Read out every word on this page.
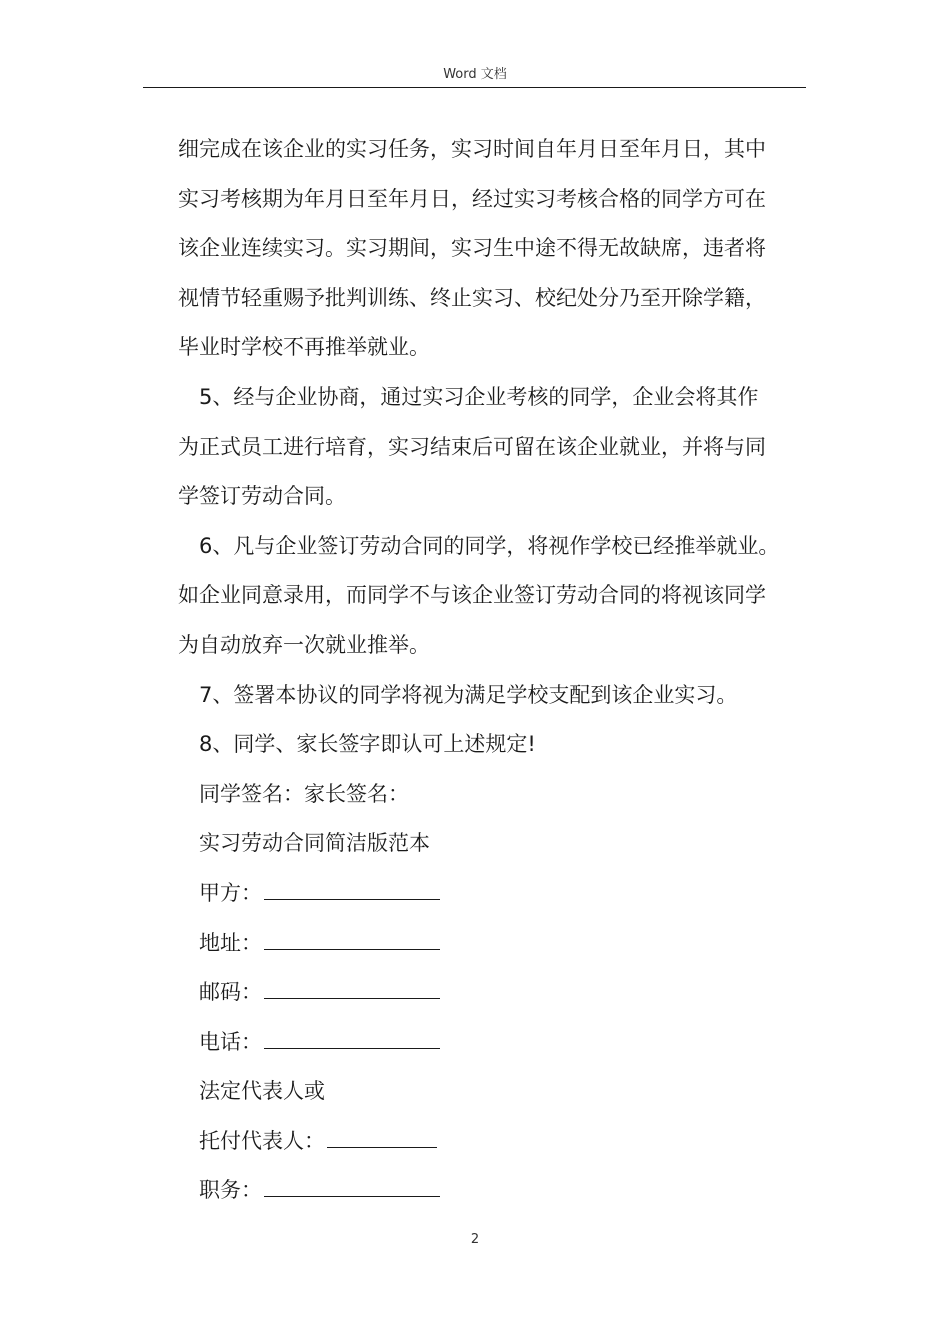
Word 文档

细完成在该企业的实习任务，实习时间自年月日至年月日，其中
实习考核期为年月日至年月日，经过实习考核合格的同学方可在
该企业连续实习。实习期间，实习生中途不得无故缺席，违者将
视情节轻重赐予批判训练、终止实习、校纪处分乃至开除学籍，
毕业时学校不再推举就业。

5、经与企业协商，通过实习企业考核的同学，企业会将其作
为正式员工进行培育，实习结束后可留在该企业就业，并将与同
学签订劳动合同。

6、凡与企业签订劳动合同的同学，将视作学校已经推举就业。
如企业同意录用，而同学不与该企业签订劳动合同的将视该同学
为自动放弃一次就业推举。

7、签署本协议的同学将视为满足学校支配到该企业实习。

8、同学、家长签字即认可上述规定!

同学签名：家长签名：

实习劳动合同简洁版范本

甲方：

地址：

邮码：

电话：

法定代表人或

托付代表人：

职务：

2
